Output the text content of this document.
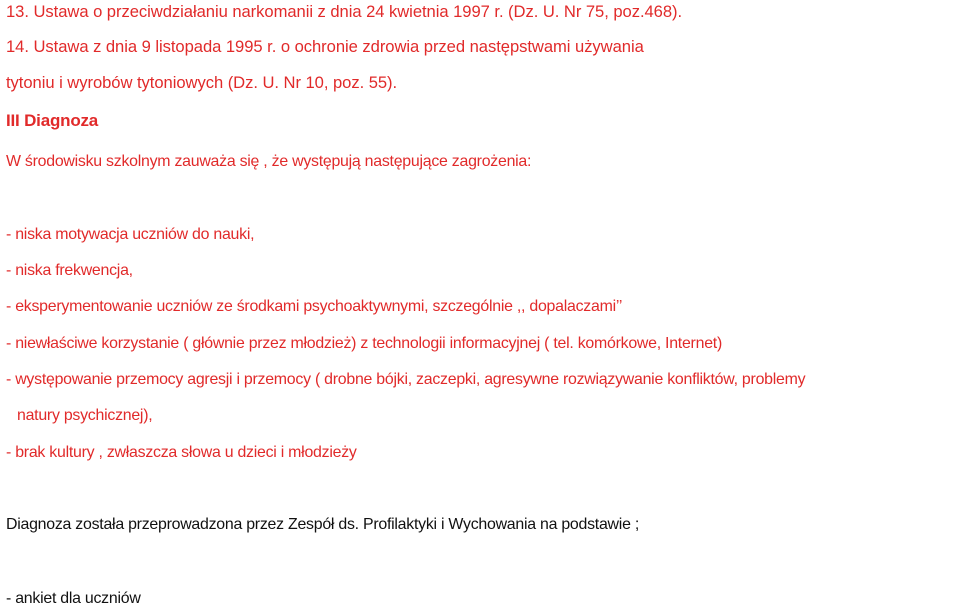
13. Ustawa o przeciwdziałaniu narkomanii z dnia 24 kwietnia 1997 r. (Dz. U. Nr 75, poz.468).
14. Ustawa z dnia 9 listopada 1995 r. o ochronie zdrowia przed następstwami używania
tytoniu i wyrobów tytoniowych (Dz. U. Nr 10, poz. 55).
III Diagnoza
W środowisku szkolnym zauważa się , że występują następujące zagrożenia:
- niska motywacja uczniów do nauki,
- niska frekwencja,
- eksperymentowanie uczniów ze środkami psychoaktywnymi, szczególnie ,, dopalaczami’’
- niewłaściwe korzystanie ( głównie przez młodzież) z technologii informacyjnej ( tel. komórkowe, Internet)
- występowanie przemocy agresji i przemocy ( drobne bójki, zaczepki, agresywne rozwiązywanie konfliktów, problemy
natury psychicznej),
- brak kultury , zwłaszcza słowa u dzieci i młodzieży
Diagnoza została przeprowadzona przez Zespół ds. Profilaktyki i Wychowania na podstawie ;
- ankiet dla uczniów
